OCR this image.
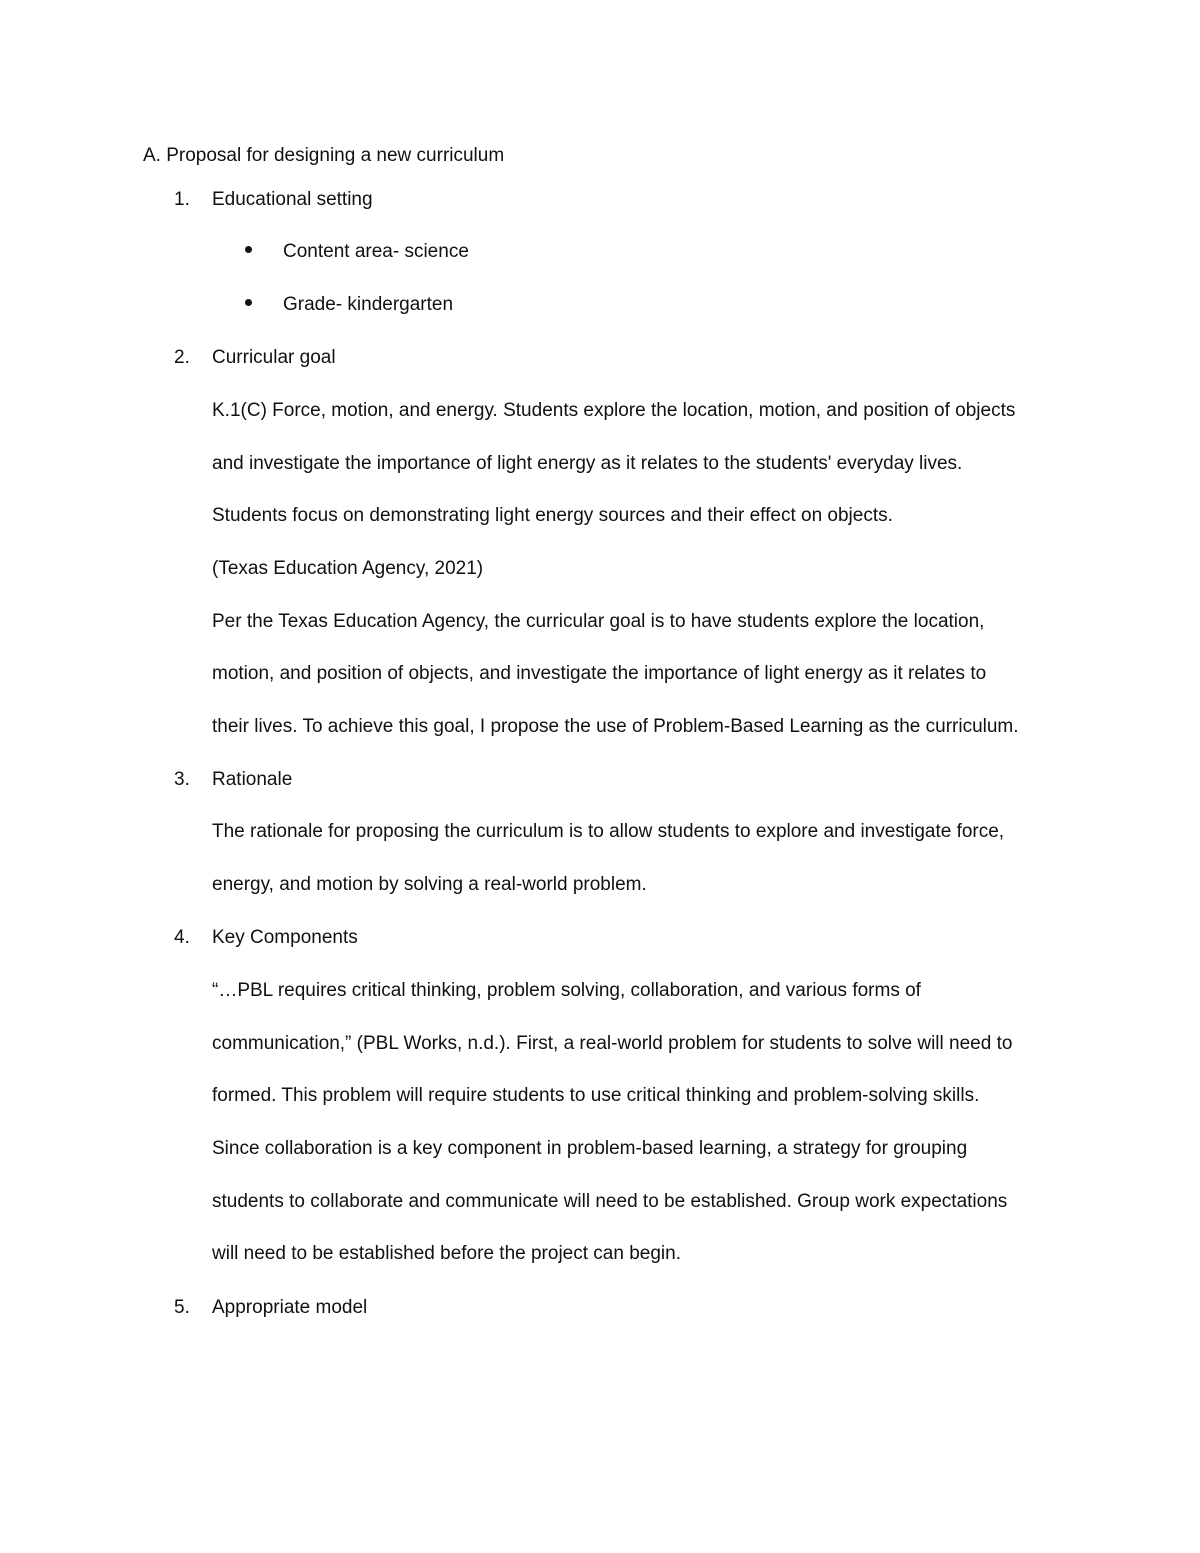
A. Proposal for designing a new curriculum
1. Educational setting
Content area- science
Grade- kindergarten
2. Curricular goal
K.1(C) Force, motion, and energy. Students explore the location, motion, and position of objects
and investigate the importance of light energy as it relates to the students' everyday lives.
Students focus on demonstrating light energy sources and their effect on objects.
(Texas Education Agency, 2021)
Per the Texas Education Agency, the curricular goal is to have students explore the location,
motion, and position of objects, and investigate the importance of light energy as it relates to
their lives. To achieve this goal, I propose the use of Problem-Based Learning as the curriculum.
3. Rationale
The rationale for proposing the curriculum is to allow students to explore and investigate force,
energy, and motion by solving a real-world problem.
4. Key Components
“…PBL requires critical thinking, problem solving, collaboration, and various forms of
communication,” (PBL Works, n.d.). First, a real-world problem for students to solve will need to
formed. This problem will require students to use critical thinking and problem-solving skills.
Since collaboration is a key component in problem-based learning, a strategy for grouping
students to collaborate and communicate will need to be established. Group work expectations
will need to be established before the project can begin.
5. Appropriate model
